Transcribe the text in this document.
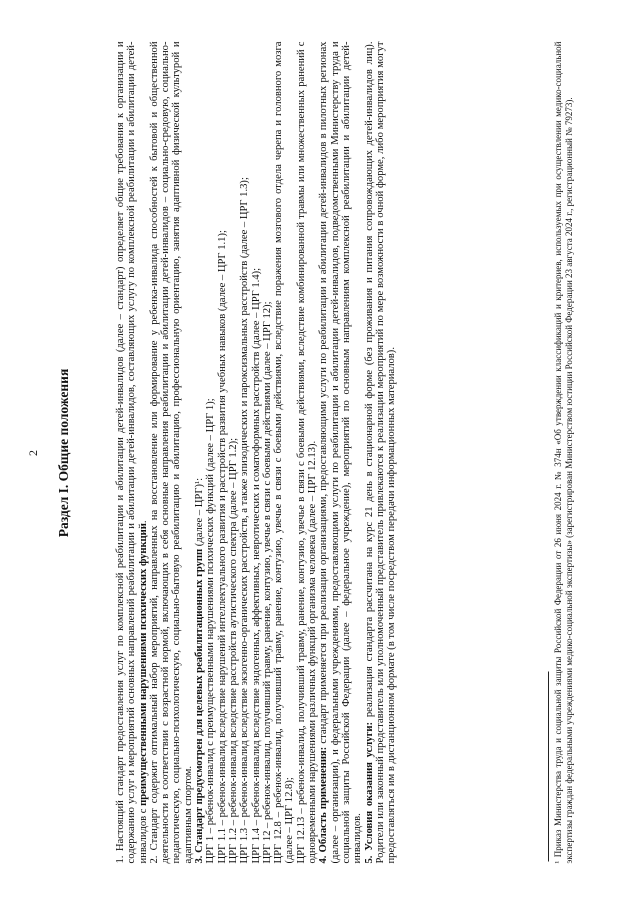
2 Раздел I. Общие положения	1. Настоящий стандарт предоставления услуг по комплексной реабилитации и абилитации детей-инвалидов (далее – стандарт) определяет общие требования к организации и содержанию услуг и мероприятий основных направлений реабилитации и абилитации детей-инвалидов, составляющих услугу по комплексной реабилитации и абилитации детей-инвалидов с преимущественными нарушениями психических функций. 2. Стандарт содержит оптимальный набор мероприятий, направленных на восстановление или формирование у ребенка-инвалида способностей к бытовой и общественной деятельности в соответствии с возрастной нормой, включающих в себя основные направления реабилитации и абилитации детей-инвалидов – социально-средовую, социально-педагогическую, социально-психологическую, социально-бытовую реабилитацию и абилитацию, профессиональную ориентацию, занятия адаптивной физической культурой и адаптивным спортом. 3. Стандарт предусмотрен для целевых реабилитационных групп (далее – ЦРГ)¹: ЦРГ 1 – ребенок-инвалид с преимущественными нарушениями психических функций (далее – ЦРГ 1); ЦРГ 1.1 – ребенок-инвалид вследствие нарушений интеллектуального развития и расстройств развития учебных навыков (далее – ЦРГ 1.1); ЦРГ 1.2 – ребенок-инвалид вследствие расстройств аутистического спектра (далее – ЦРГ 1.2); ЦРГ 1.3 – ребенок-инвалид вследствие экзогенно-органических расстройств, а также эпизодических и пароксизмальных расстройств (далее – ЦРГ 1.3); ЦРГ 1.4 – ребенок-инвалид вследствие эндогенных, аффективных, невротических и соматоформных расстройств (далее – ЦРГ 1.4); ЦРГ 12 – ребенок-инвалид, получивший травму, ранение, контузию, увечье в связи с боевыми действиями (далее – ЦРГ 12); ЦРГ 12.8 – ребенок-инвалид, получивший травму, ранение, контузию, увечье в связи с боевыми действиями, вследствие поражения мозгового отдела черепа и головного мозга (далее – ЦРГ 12.8); ЦРГ 12.13 – ребенок-инвалид, получивший травму, ранение, контузию, увечье в связи с боевыми действиями, вследствие комбинированной травмы или множественных ранений с одновременными нарушениями различных функций организма человека (далее – ЦРГ 12.13). 4. Область применения: стандарт применяется при реализации организациями, предоставляющими услуги по реабилитации и абилитации детей-инвалидов в пилотных регионах (далее – организации), и федеральными учреждениями, предоставляющими услуги по реабилитации и абилитации детей-инвалидов, подведомственными Министерству труда и социальной защиты Российской Федерации (далее – федеральное учреждение), мероприятий по основным направлениям комплексной реабилитации и абилитации детей-инвалидов. 5. Условия оказания услуги: реализация стандарта рассчитана на курс 21 день в стационарной форме (без проживания и питания сопровождающих детей-инвалидов лиц). Родители или законный представитель или уполномоченный представитель привлекаются к реализации мероприятий по мере возможности в очной форме, либо мероприятия могут предоставляться им в дистанционном формате (в том числе посредством передачи информационных материалов).	¹ Приказ Министерства труда и социальной защиты Российской Федерации от 26 июня 2024 г. № 374н «Об утверждении классификаций и критериев, используемых при осуществлении медико-социальной экспертизы граждан федеральными учреждениями медико-социальной экспертизы» (зарегистрирован Министерством юстиции Российской Федерации 23 августа 2024 г., регистрационный № 79273).
